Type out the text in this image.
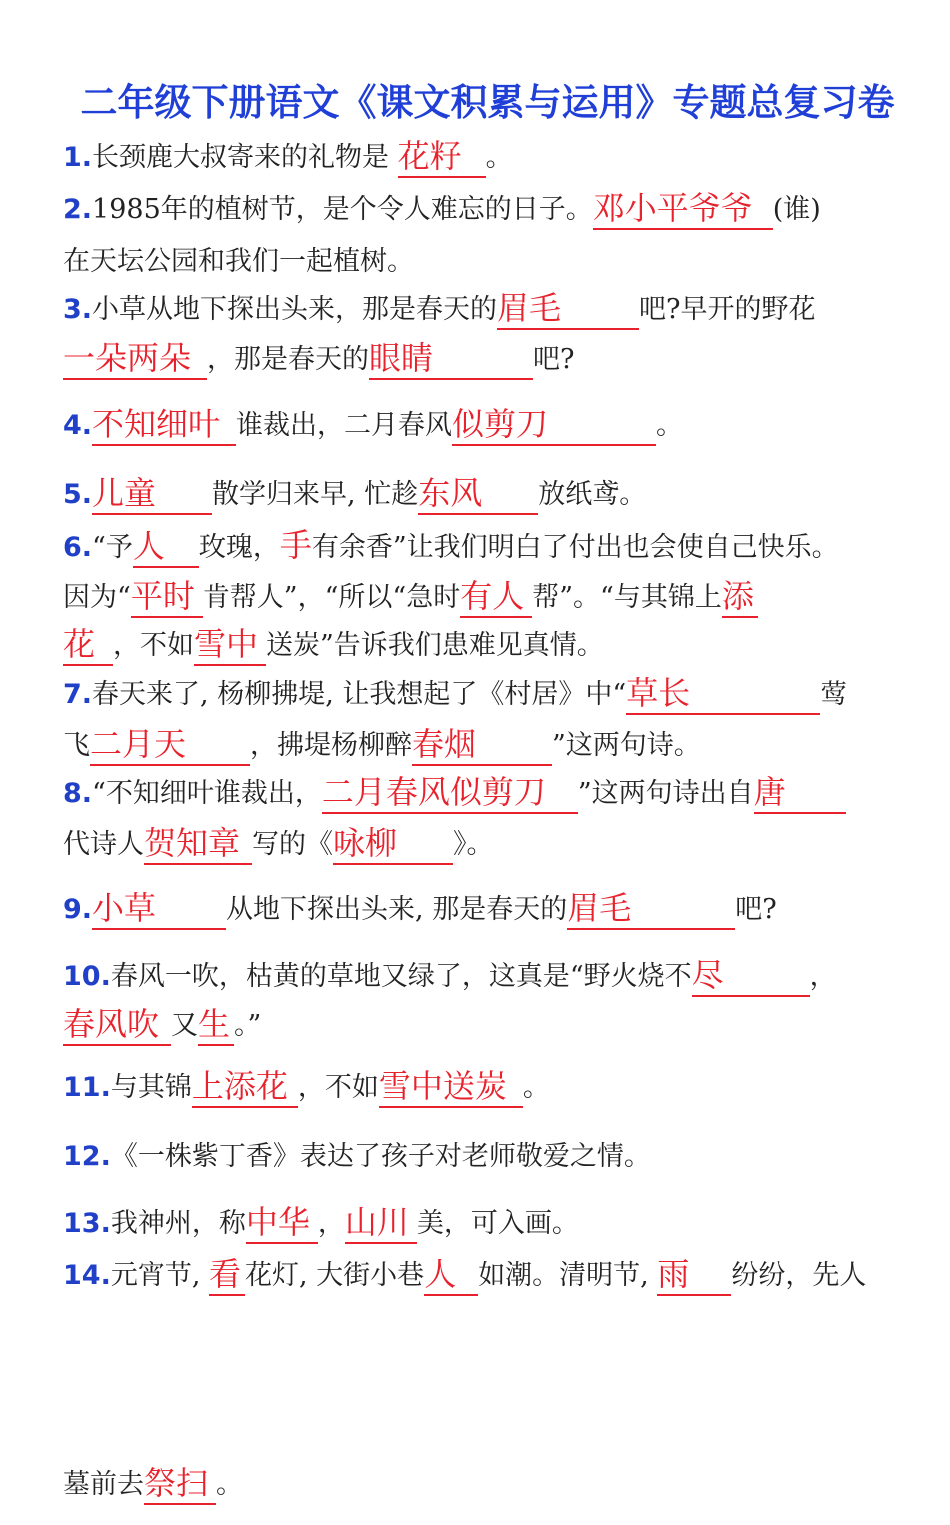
二年级下册语文《课文积累与运用》专题总复习卷
1.长颈鹿大叔寄来的礼物是 花籽 。
2.1985年的植树节，是个令人难忘的日子。邓小平爷爷 (谁)
在天坛公园和我们一起植树。
3.小草从地下探出头来，那是春天的眉毛	吧?早开的野花
一朵两朵 ，那是春天的眼睛	吧?
4.不知细叶 谁裁出，二月春风似剪刀	。
5.儿童 散学归来早, 忙趁东风 放纸鸢。
6.“予人 玫瑰，手有余香”让我们明白了付出也会使自己快乐。
因为“平时 肯帮人”，“所以“急时有人 帮”。“与其锦上添
花 ，不如雪中 送炭”告诉我们患难见真情。
7.春天来了, 杨柳拂堤, 让我想起了《村居》中“草长	莺
飞二月天 ，拂堤杨柳醉春烟	”这两句诗。
8.“不知细叶谁裁出，二月春风似剪刀 ”这两句诗出自唐
代诗人贺知章 写的《咏柳 》。
9.小草	从地下探出头来, 那是春天的眉毛	吧?
10.春风一吹，枯黄的草地又绿了，这真是“野火烧不尽	，
春风吹 又生 。”
11.与其锦上添花 ，不如雪中送炭 。
12.《一株紫丁香》表达了孩子对老师敬爱之情。
13.我神州，称中华 ，山川 美，可入画。
14.元宵节, 看 花灯, 大街小巷人 如潮。清明节, 雨 纷纷，先人
墓前去祭扫 。
